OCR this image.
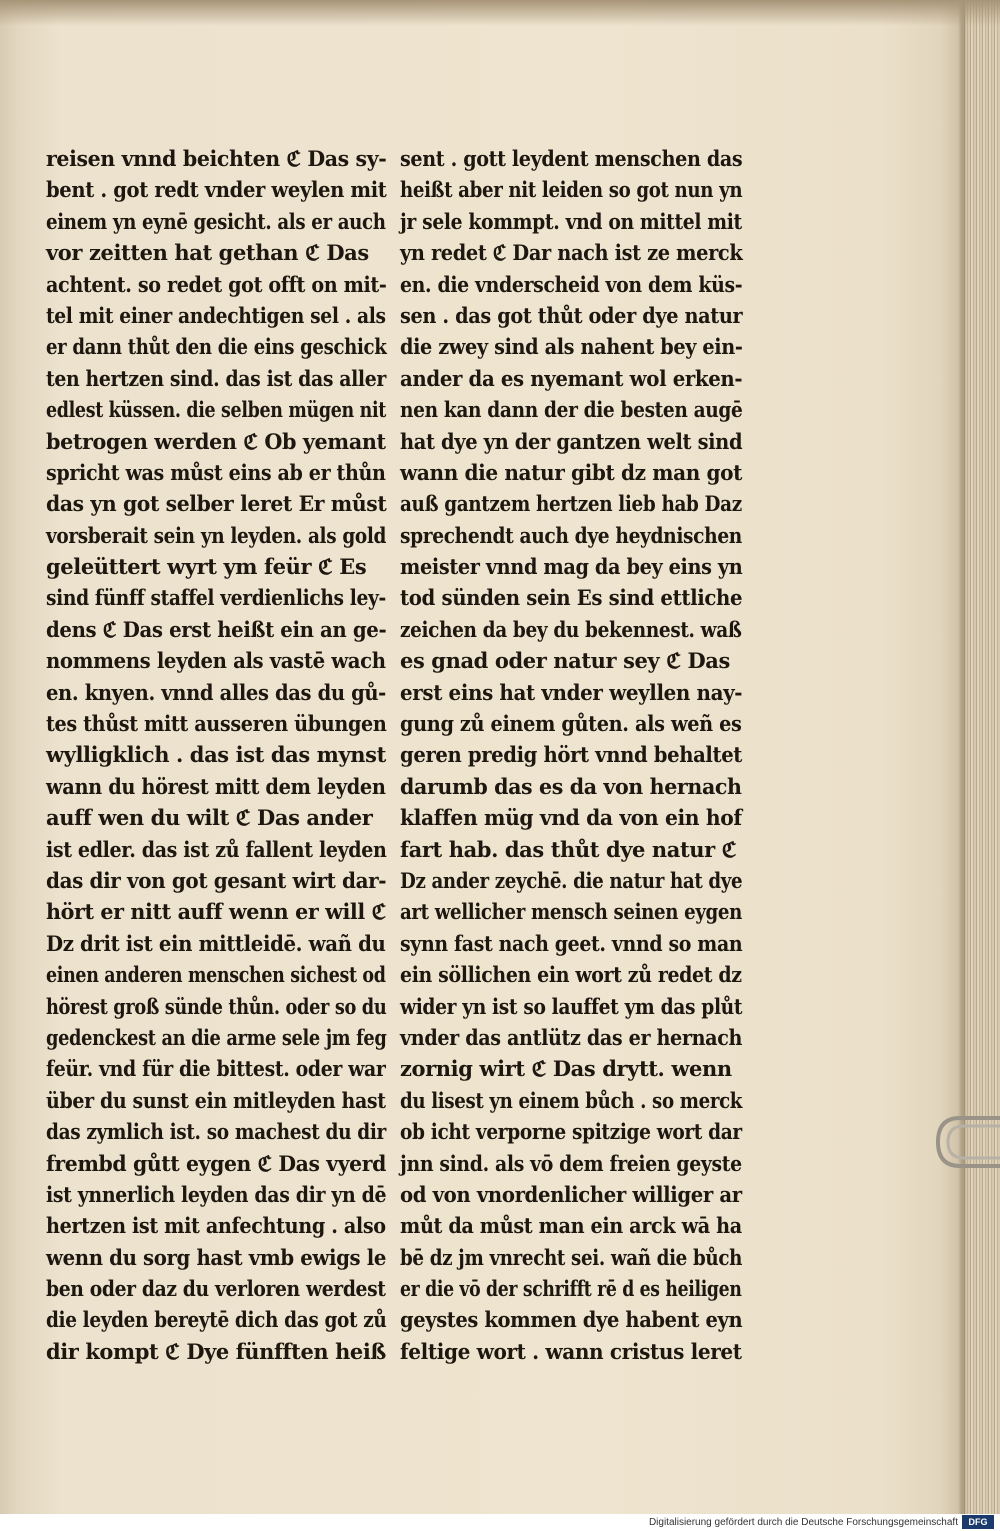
reisen vnnd beichten ℭ Das sy-
bent . got redt vnder weylen mit
einem yn eynē gesicht. als er auch
vor zeitten hat gethan ℭ Das
achtent. so redet got offt on mit-
tel mit einer andechtigen sel . als
er dann thůt den die eins geschick
ten hertzen sind. das ist das aller
edlest küssen. die selben mügen nit
betrogen werden ℭ Ob yemant
spricht was můst eins ab er thůn
das yn got selber leret Er můst
vorsberait sein yn leyden. als gold
geleüttert wyrt ym feür ℭ Es
sind fünff staffel verdienlichs ley-
dens ℭ Das erst heißt ein an ge-
nommens leyden als vastē wach
en. knyen. vnnd alles das du gů-
tes thůst mitt ausseren übungen
wylligklich . das ist das mynst
wann du hörest mitt dem leyden
auff wen du wilt ℭ Das ander
ist edler. das ist zů fallent leyden
das dir von got gesant wirt dar-
hört er nitt auff wenn er will ℭ
Dz drit ist ein mittleidē. wañ du
einen anderen menschen sichest od
hörest groß sünde thůn. oder so du
gedenckest an die arme sele jm feg
feür. vnd für die bittest. oder war
über du sunst ein mitleyden hast
das zymlich ist. so machest du dir
frembd gůtt eygen ℭ Das vyerd
ist ynnerlich leyden das dir yn dē
hertzen ist mit anfechtung . also
wenn du sorg hast vmb ewigs le
ben oder daz du verloren werdest
die leyden bereytē dich das got zů
dir kompt ℭ Dye fünfften heiß
sent . gott leydent menschen das
heißt aber nit leiden so got nun yn
jr sele kommpt. vnd on mittel mit
yn redet ℭ Dar nach ist ze merck
en. die vnderscheid von dem küs-
sen . das got thůt oder dye natur
die zwey sind als nahent bey ein-
ander da es nyemant wol erken-
nen kan dann der die besten augē
hat dye yn der gantzen welt sind
wann die natur gibt dz man got
auß gantzem hertzen lieb hab Daz
sprechendt auch dye heydnischen
meister vnnd mag da bey eins yn
tod sünden sein Es sind ettliche
zeichen da bey du bekennest. waß
es gnad oder natur sey ℭ Das
erst eins hat vnder weyllen nay-
gung zů einem gůten. als weñ es
geren predig hört vnnd behaltet
darumb das es da von hernach
klaffen müg vnd da von ein hof
fart hab. das thůt dye natur ℭ
Dz ander zeychē. die natur hat dye
art wellicher mensch seinen eygen
synn fast nach geet. vnnd so man
ein söllichen ein wort zů redet dz
wider yn ist so lauffet ym das plůt
vnder das antlütz das er hernach
zornig wirt ℭ Das drytt. wenn
du lisest yn einem bůch . so merck
ob icht verporne spitzige wort dar
jnn sind. als vō dem freien geyste
od von vnordenlicher williger ar
můt da můst man ein arck wā ha
bē dz jm vnrecht sei. wañ die bůch
er die vō der schrifft rē d es heiligen
geystes kommen dye habent eyn
feltige wort . wann cristus leret
Digitalisierung gefördert durch die Deutsche Forschungsgemeinschaft	DFG
